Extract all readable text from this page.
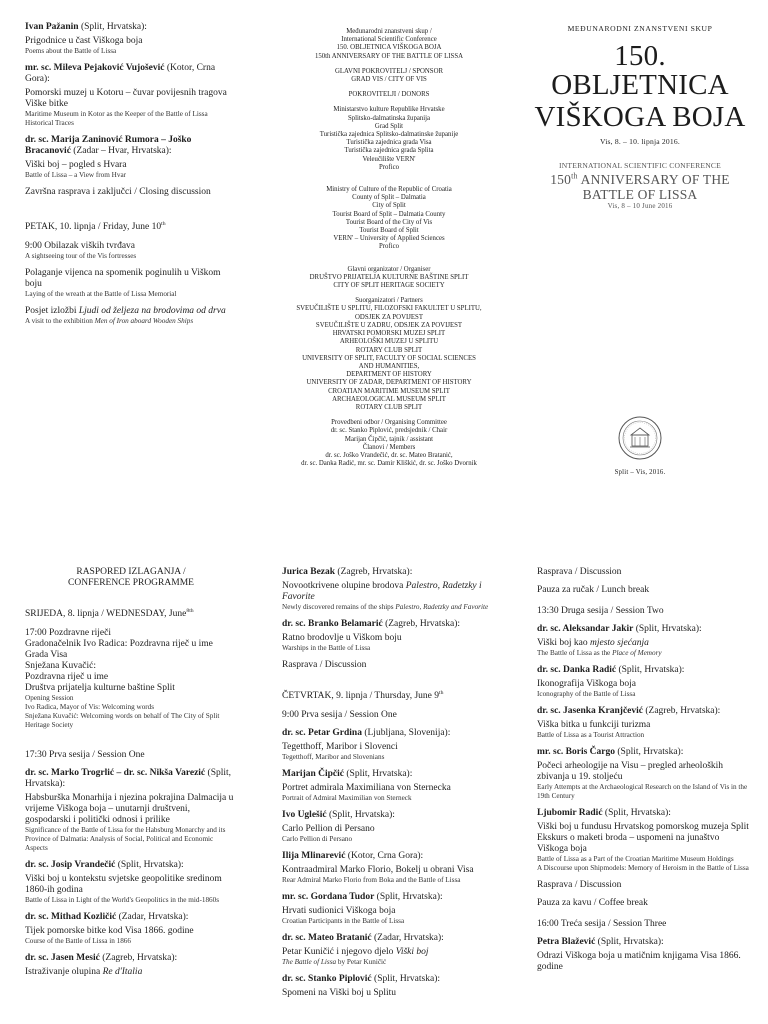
Ivan Pažanin (Split, Hrvatska):
Prigodnice u čast Viškoga boja
Poems about the Battle of Lissa
mr. sc. Mileva Pejaković Vujošević (Kotor, Crna Gora):
Pomorski muzej u Kotoru – čuvar povijesnih tragova Viške bitke
Maritime Museum in Kotor as the Keeper of the Battle of Lissa Historical Traces
dr. sc. Marija Zaninović Rumora – Joško Bracanović (Zadar – Hvar, Hrvatska):
Viški boj – pogled s Hvara
Battle of Lissa – a View from Hvar
Završna rasprava i zaključci / Closing discussion
PETAK, 10. lipnja / Friday, June 10th
9:00 Obilazak viških tvrđava
A sightseeing tour of the Vis fortresses
Polaganje vijenca na spomenik poginulih u Viškom boju
Laying of the wreath at the Battle of Lissa Memorial
Posjet izložbi Ljudi od željeza na brodovima od drva
A visit to the exhibition Men of Iron aboard Wooden Ships
Međunarodni znanstveni skup /
International Scientific Conference
150. OBLJETNICA VIŠKOGA BOJA
150th ANNIVERSARY OF THE BATTLE OF LISSA
GLAVNI POKROVITELJ / SPONSOR
GRAD VIS / CITY OF VIS
POKROVITELJI / DONORS
Ministarstvo kulture Republike Hrvatske
Splitsko-dalmatinska županija
Grad Split
Turistička zajednica Splitsko-dalmatinske županije
Turistička zajednica grada Visa
Turistička zajednica grada Splita
Veleučilište VERN'
Profico
Ministry of Culture of the Republic of Croatia
County of Split – Dalmatia
City of Split
Tourist Board of Split – Dalmatia County
Tourist Board of the City of Vis
Tourist Board of Split
VERN' – University of Applied Sciences
Profico
Glavni organizator / Organiser
DRUŠTVO PRIJATELJA KULTURNE BAŠTINE SPLIT
CITY OF SPLIT HERITAGE SOCIETY
Suorganizatori / Partners
SVEUČILIŠTE U SPLITU, FILOZOFSKI FAKULTET U SPLITU,
ODSJEK ZA POVIJEST
SVEUČILIŠTE U ZADRU, ODSJEK ZA POVIJEST
HRVATSKI POMORSKI MUZEJ SPLIT
ARHEOLOŠKI MUZEJ U SPLITU
ROTARY CLUB SPLIT
UNIVERSITY OF SPLIT, FACULTY OF SOCIAL SCIENCES
AND HUMANITIES,
DEPARTMENT OF HISTORY
UNIVERSITY OF ZADAR, DEPARTMENT OF HISTORY
CROATIAN MARITIME MUSEUM SPLIT
ARCHAEOLOGICAL MUSEUM SPLIT
ROTARY CLUB SPLIT
Provedbeni odbor / Organising Committee
dr. sc. Stanko Piplović, predsjednik / Chair
Marijan Čipčić, tajnik / assistant
Članovi / Members
dr. sc. Joško Vrandečić, dr. sc. Mateo Bratanić,
dr. sc. Danka Radić, mr. sc. Damir Kliškić, dr. sc. Joško Dvornik
MEĐUNARODNI ZNANSTVENI SKUP
150. OBLJETNICA
VIŠKOGA BOJA
Vis, 8. – 10. lipnja 2016.
INTERNATIONAL SCIENTIFIC CONFERENCE
150th ANNIVERSARY OF THE
BATTLE OF LISSA
Vis, 8 – 10 June 2016
Split – Vis, 2016.
RASPORED IZLAGANJA /
CONFERENCE PROGRAMME
SRIJEDA, 8. lipnja / WEDNESDAY, June$^{8th}$
17:00 Pozdravne riječi
Gradonačelnik Ivo Radica: Pozdravna riječ u ime Grada Visa
Snježana Kuvačić:
Pozdravna riječ u ime
Društva prijatelja kulturne baštine Split
Opening Session
Ivo Radica, Mayor of Vis: Welcoming words
Snježana Kuvačić: Welcoming words on behalf of The City of Split Heritage Society
17:30 Prva sesija / Session One
dr. sc. Marko Trogrlić – dr. sc. Nikša Varezić (Split, Hrvatska):
Habsburška Monarhija i njezina pokrajina Dalmacija u vrijeme Viškoga boja – unutarnji društveni, gospodarski i politički odnosi i prilike
Significance of the Battle of Lissa for the Habsburg Monarchy and its Province of Dalmatia: Analysis of Social, Political and Economic Aspects
dr. sc. Josip Vrandečić (Split, Hrvatska):
Viški boj u kontekstu svjetske geopolitike sredinom 1860-ih godina
Battle of Lissa in Light of the World's Geopolitics in the mid-1860s
dr. sc. Mithad Kozličić (Zadar, Hrvatska):
Tijek pomorske bitke kod Visa 1866. godine
Course of the Battle of Lissa in 1866
dr. sc. Jasen Mesić (Zagreb, Hrvatska):
Istraživanje olupina Re d'Italia
Jurica Bezak (Zagreb, Hrvatska):
Novootkrivene olupine brodova Palestro, Radetzky i Favorite
Newly discovered remains of the ships Palestro, Radetzky and Favorite
dr. sc. Branko Belamarić (Zagreb, Hrvatska):
Ratno brodovlje u Viškom boju
Warships in the Battle of Lissa
Rasprava / Discussion
ČETVRTAK, 9. lipnja / Thursday, June 9th
9:00 Prva sesija / Session One
dr. sc. Petar Grdina (Ljubljana, Slovenija):
Tegetthoff, Maribor i Slovenci
Tegetthoff, Maribor and Slovenians
Marijan Čipčić (Split, Hrvatska):
Portret admirala Maximiliana von Sternecka
Portrait of Admiral Maximilian von Sterneck
Ivo Uglešić (Split, Hrvatska):
Carlo Pellion di Persano
Carlo Pellion di Persano
Ilija Mlinarević (Kotor, Crna Gora):
Kontraadmiral Marko Florio, Bokelj u obrani Visa
Rear Admiral Marko Florio from Boka and the Battle of Lissa
mr. sc. Gordana Tudor (Split, Hrvatska):
Hrvati sudionici Viškoga boja
Croatian Participants in the Battle of Lissa
dr. sc. Mateo Bratanić (Zadar, Hrvatska):
Petar Kuničić i njegovo djelo Viški boj
The Battle of Lissa by Petar Kuničić
dr. sc. Stanko Piplović (Split, Hrvatska):
Spomeni na Viški boj u Splitu
Rasprava / Discussion
Pauza za ručak / Lunch break
13:30 Druga sesija / Session Two
dr. sc. Aleksandar Jakir (Split, Hrvatska):
Viški boj kao mjesto sjećanja
The Battle of Lissa as the Place of Memory
dr. sc. Danka Radić (Split, Hrvatska):
Ikonografija Viškoga boja
Iconography of the Battle of Lissa
dr. sc. Jasenka Kranjčević (Zagreb, Hrvatska):
Viška bitka u funkciji turizma
Battle of Lissa as a Tourist Attraction
mr. sc. Boris Čargo (Split, Hrvatska):
Počeci arheologije na Visu – pregled arheoloških zbivanja u 19. stoljeću
Early Attempts at the Archaeological Research on the Island of Vis in the 19th Century
Ljubomir Radić (Split, Hrvatska):
Viški boj u fundusu Hrvatskog pomorskog muzeja Split
Ekskurs o maketi broda – uspomeni na junaštvo Viškoga boja
Battle of Lissa as a Part of the Croatian Maritime Museum Holdings
A Discourse upon Shipmodels: Memory of Heroism in the Battle of Lissa
Rasprava / Discussion
Pauza za kavu / Coffee break
16:00 Treća sesija / Session Three
Petra Blažević (Split, Hrvatska):
Odrazi Viškoga boja u matičnim knjigama Visa 1866. godine
